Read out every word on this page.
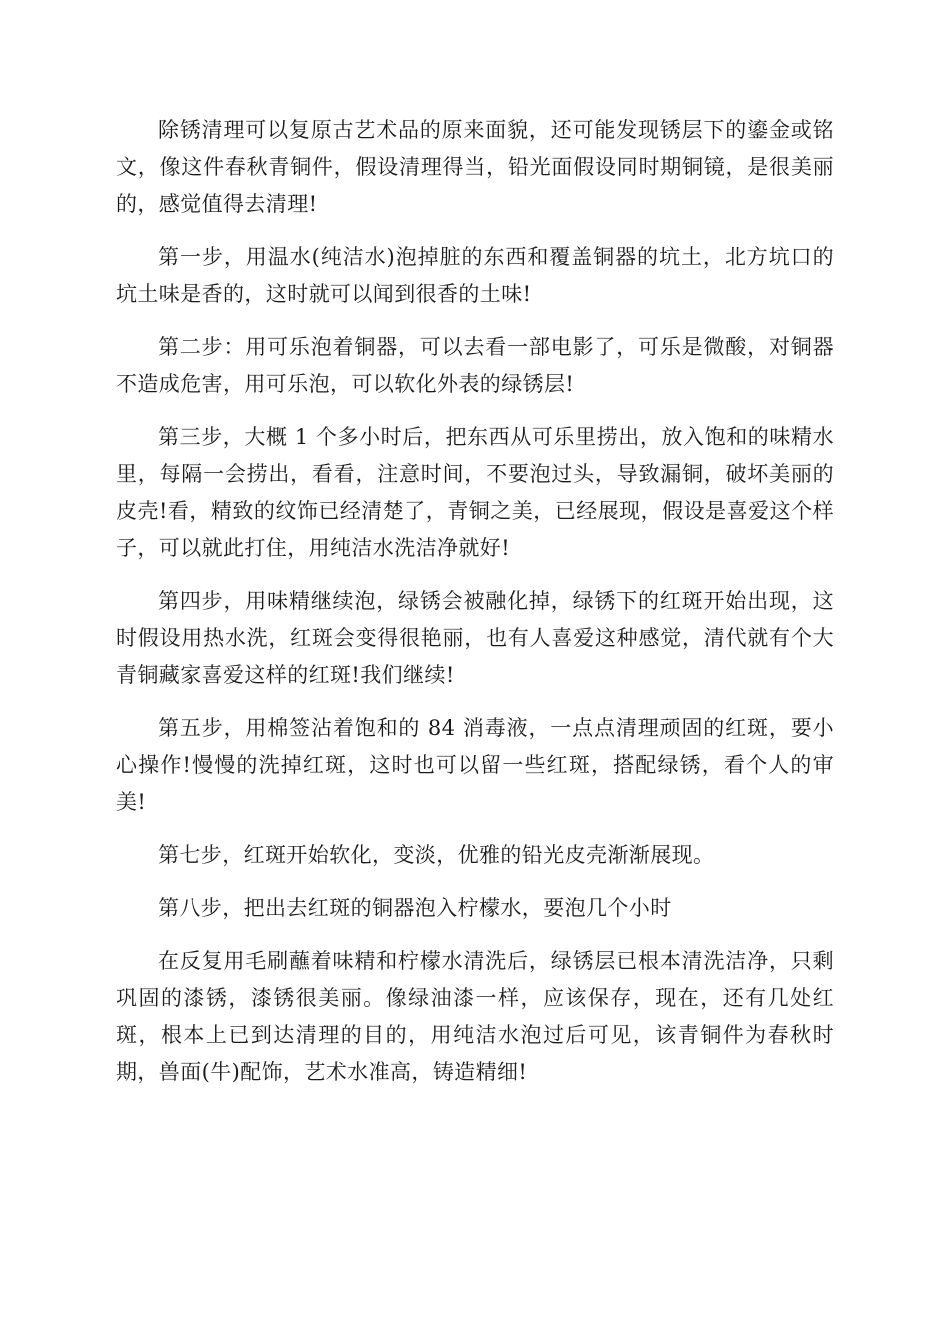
除锈清理可以复原古艺术品的原来面貌，还可能发现锈层下的鎏金或铭文，像这件春秋青铜件，假设清理得当，铅光面假设同时期铜镜，是很美丽的，感觉值得去清理!

第一步，用温水(纯洁水)泡掉脏的东西和覆盖铜器的坑土，北方坑口的坑土味是香的，这时就可以闻到很香的土味!

第二步：用可乐泡着铜器，可以去看一部电影了，可乐是微酸，对铜器不造成危害，用可乐泡，可以软化外表的绿锈层!

第三步，大概 1 个多小时后，把东西从可乐里捞出，放入饱和的味精水里，每隔一会捞出，看看，注意时间，不要泡过头，导致漏铜，破坏美丽的皮壳!看，精致的纹饰已经清楚了，青铜之美，已经展现，假设是喜爱这个样子，可以就此打住，用纯洁水洗洁净就好!

第四步，用味精继续泡，绿锈会被融化掉，绿锈下的红斑开始出现，这时假设用热水洗，红斑会变得很艳丽，也有人喜爱这种感觉，清代就有个大青铜藏家喜爱这样的红斑!我们继续!

第五步，用棉签沾着饱和的 84 消毒液，一点点清理顽固的红斑，要小心操作!慢慢的洗掉红斑，这时也可以留一些红斑，搭配绿锈，看个人的审美!

第七步，红斑开始软化，变淡，优雅的铅光皮壳渐渐展现。

第八步，把出去红斑的铜器泡入柠檬水，要泡几个小时

在反复用毛刷蘸着味精和柠檬水清洗后，绿锈层已根本清洗洁净，只剩巩固的漆锈，漆锈很美丽。像绿油漆一样，应该保存，现在，还有几处红斑，根本上已到达清理的目的，用纯洁水泡过后可见，该青铜件为春秋时期，兽面(牛)配饰，艺术水准高，铸造精细!
